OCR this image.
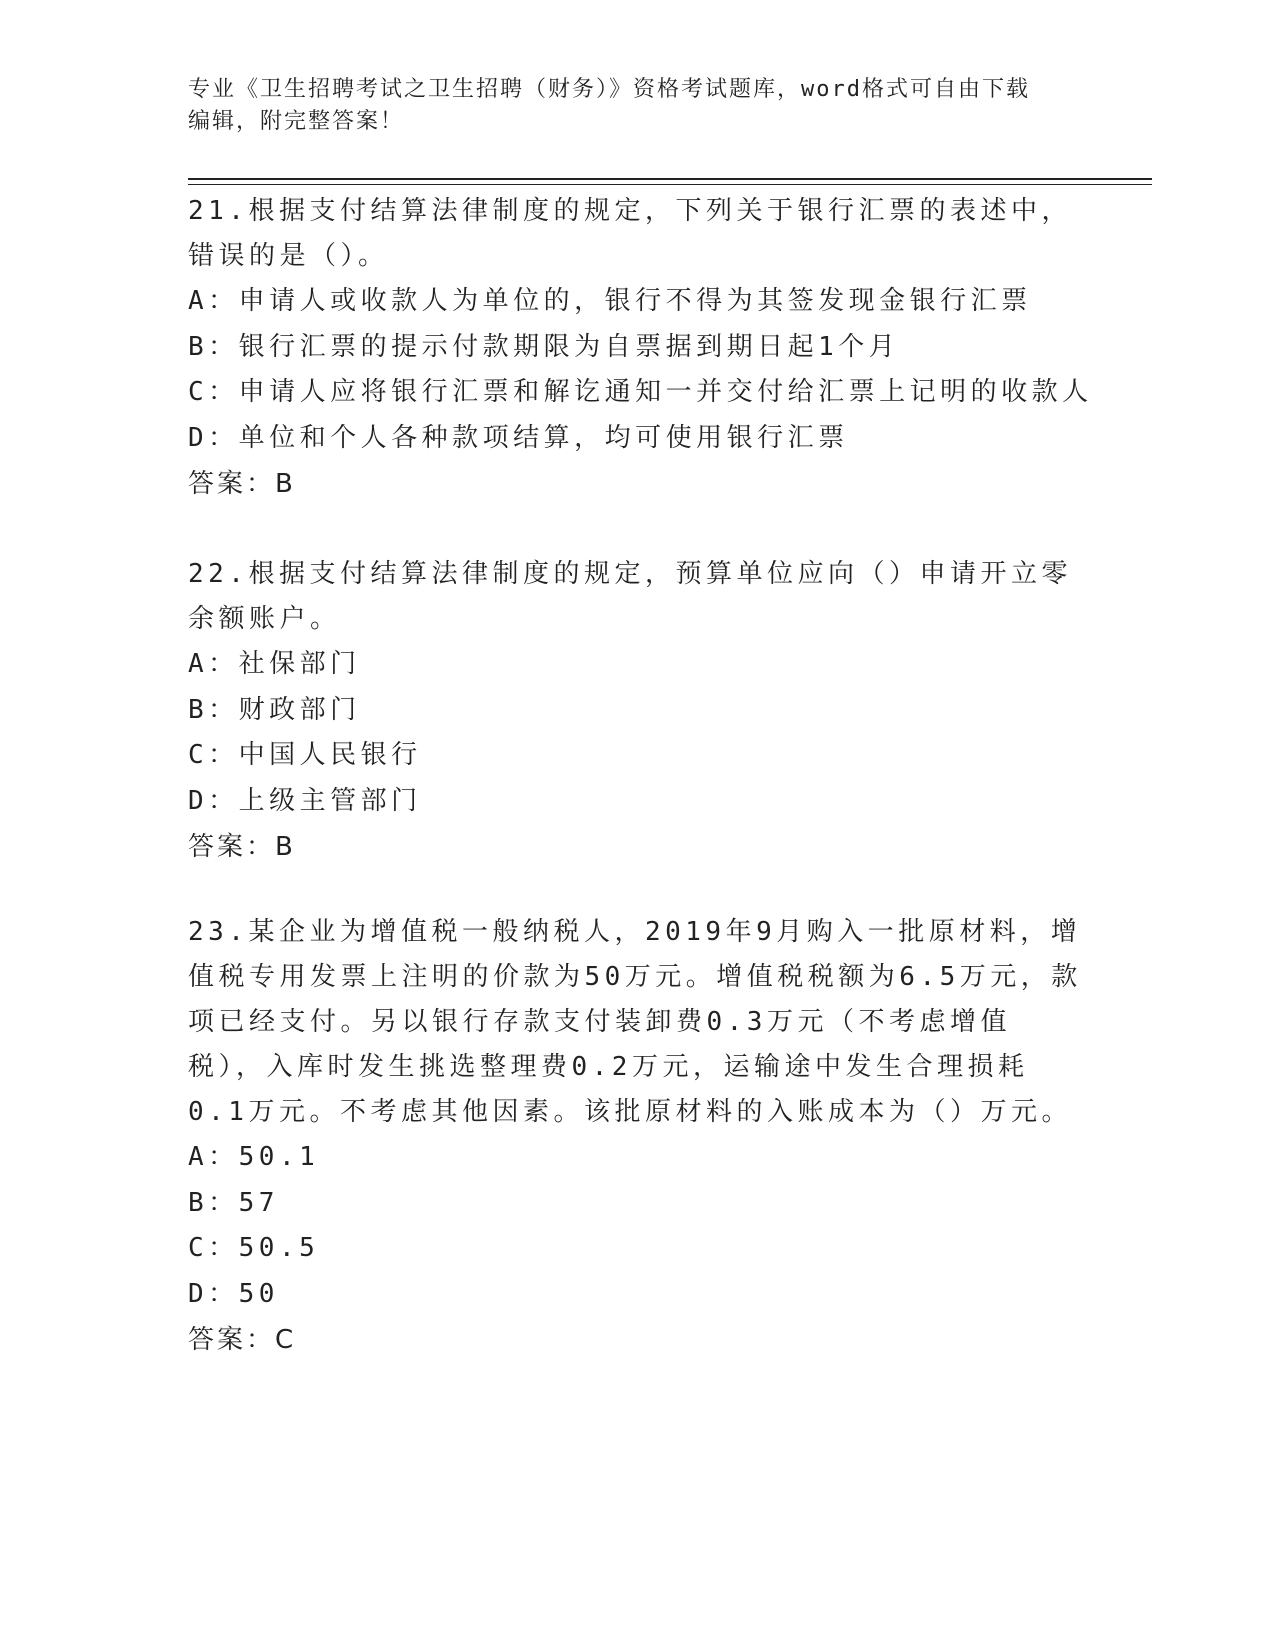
专业《卫生招聘考试之卫生招聘（财务）》资格考试题库，word格式可自由下载
编辑，附完整答案！
21.根据支付结算法律制度的规定，下列关于银行汇票的表述中，错误的是（）。
A：申请人或收款人为单位的，银行不得为其签发现金银行汇票
B：银行汇票的提示付款期限为自票据到期日起1个月
C：申请人应将银行汇票和解讫通知一并交付给汇票上记明的收款人
D：单位和个人各种款项结算，均可使用银行汇票
答案：B
22.根据支付结算法律制度的规定，预算单位应向（）申请开立零余额账户。
A：社保部门
B：财政部门
C：中国人民银行
D：上级主管部门
答案：B
23.某企业为增值税一般纳税人，2019年9月购入一批原材料，增值税专用发票上注明的价款为50万元。增值税税额为6.5万元，款项已经支付。另以银行存款支付装卸费0.3万元（不考虑增值税），入库时发生挑选整理费0.2万元，运输途中发生合理损耗0.1万元。不考虑其他因素。该批原材料的入账成本为（）万元。
A：50.1
B：57
C：50.5
D：50
答案：C
